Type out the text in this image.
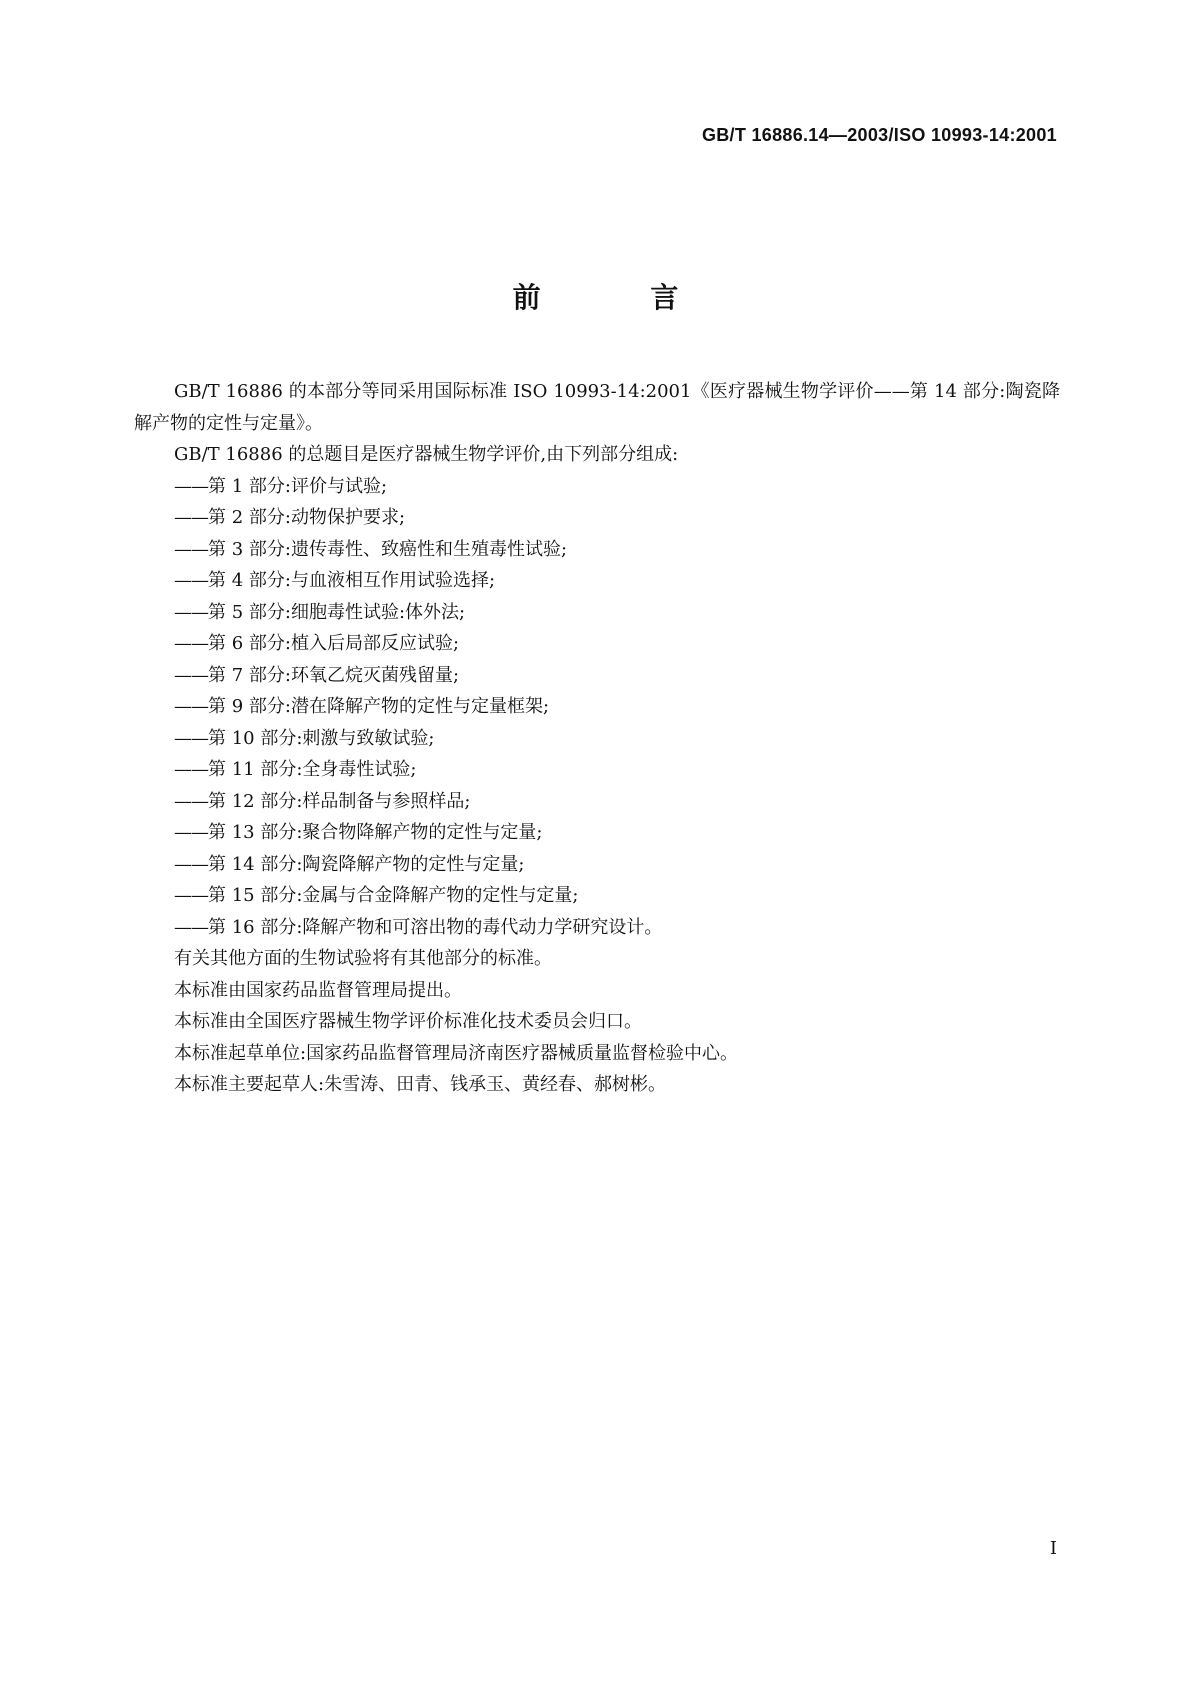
GB/T 16886.14—2003/ISO 10993-14:2001
前 言

GB/T 16886 的本部分等同采用国际标准 ISO 10993-14:2001《医疗器械生物学评价——第 14 部分:陶瓷降解产物的定性与定量》。

GB/T 16886 的总题目是医疗器械生物学评价,由下列部分组成:

——第 1 部分:评价与试验;
——第 2 部分:动物保护要求;
——第 3 部分:遗传毒性、致癌性和生殖毒性试验;
——第 4 部分:与血液相互作用试验选择;
——第 5 部分:细胞毒性试验:体外法;
——第 6 部分:植入后局部反应试验;
——第 7 部分:环氧乙烷灭菌残留量;
——第 9 部分:潜在降解产物的定性与定量框架;
——第 10 部分:刺激与致敏试验;
——第 11 部分:全身毒性试验;
——第 12 部分:样品制备与参照样品;
——第 13 部分:聚合物降解产物的定性与定量;
——第 14 部分:陶瓷降解产物的定性与定量;
——第 15 部分:金属与合金降解产物的定性与定量;
——第 16 部分:降解产物和可溶出物的毒代动力学研究设计。

有关其他方面的生物试验将有其他部分的标准。

本标准由国家药品监督管理局提出。

本标准由全国医疗器械生物学评价标准化技术委员会归口。

本标准起草单位:国家药品监督管理局济南医疗器械质量监督检验中心。

本标准主要起草人:朱雪涛、田青、钱承玉、黄经春、郝树彬。

I
